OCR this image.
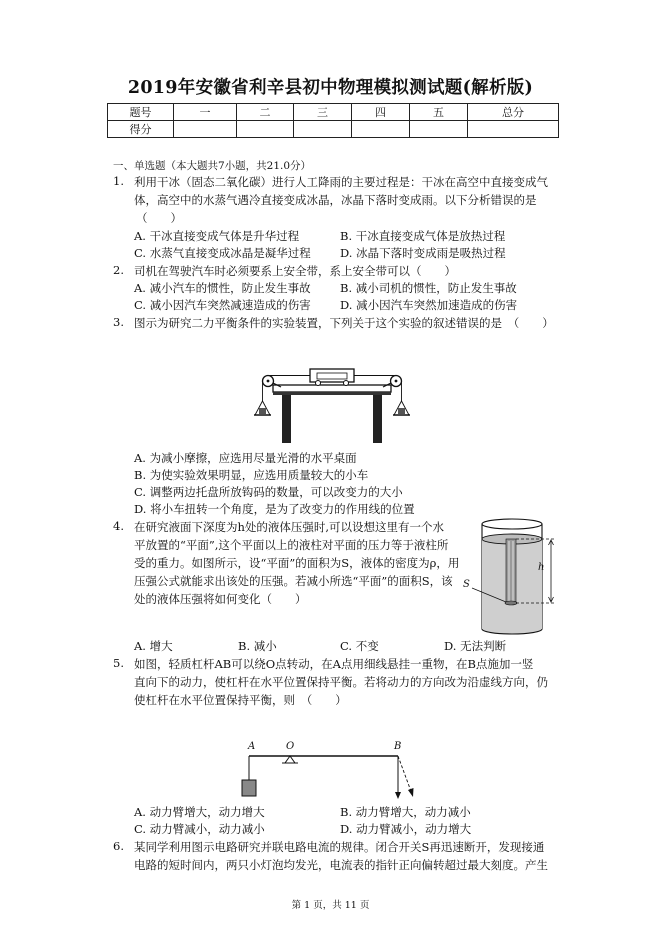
2019年安徽省利辛县初中物理模拟测试题(解析版)
题号	一	二	三	四	五	总分
得分						
一、单选题（本大题共7小题，共21.0分）
1. 利用干冰（固态二氧化碳）进行人工降雨的主要过程是：干冰在高空中直接变成气
体，高空中的水蒸气遇冷直接变成冰晶，冰晶下落时变成雨。以下分析错误的是
（　　）
A. 干冰直接变成气体是升华过程	B. 干冰直接变成气体是放热过程
C. 水蒸气直接变成冰晶是凝华过程	D. 冰晶下落时变成雨是吸热过程
2. 司机在驾驶汽车时必须要系上安全带，系上安全带可以（　　）
A. 减小汽车的惯性，防止发生事故	B. 减小司机的惯性，防止发生事故
C. 减小因汽车突然减速造成的伤害	D. 减小因汽车突然加速造成的伤害
3. 图示为研究二力平衡条件的实验装置，下列关于这个实验的叙述错误的是　（　　）
A. 为减小摩擦，应选用尽量光滑的水平桌面
B. 为使实验效果明显，应选用质量较大的小车
C. 调整两边托盘所放钩码的数量，可以改变力的大小
D. 将小车扭转一个角度，是为了改变力的作用线的位置
4. 在研究液面下深度为h处的液体压强时,可以设想这里有一个水
平放置的“平面”,这个平面以上的液柱对平面的压力等于液柱所
受的重力。如图所示，设“平面”的面积为S，液体的密度为ρ，用
压强公式就能求出该处的压强。若减小所选“平面”的面积S，该
处的液体压强将如何变化（　　）
h
S
A. 增大	B. 减小	C. 不变	D. 无法判断
5. 如图，轻质杠杆AB可以绕O点转动，在A点用细线悬挂一重物，在B点施加一竖
直向下的动力，使杠杆在水平位置保持平衡。若将动力的方向改为沿虚线方向，仍
使杠杆在水平位置保持平衡，则　（　　）
A	O	B
A. 动力臂增大，动力增大	B. 动力臂增大，动力减小
C. 动力臂减小，动力减小	D. 动力臂减小，动力增大
6. 某同学利用图示电路研究并联电路电流的规律。闭合开关S再迅速断开，发现接通
电路的短时间内，两只小灯泡均发光，电流表的指针正向偏转超过最大刻度。产生
第 1 页，共 11 页
